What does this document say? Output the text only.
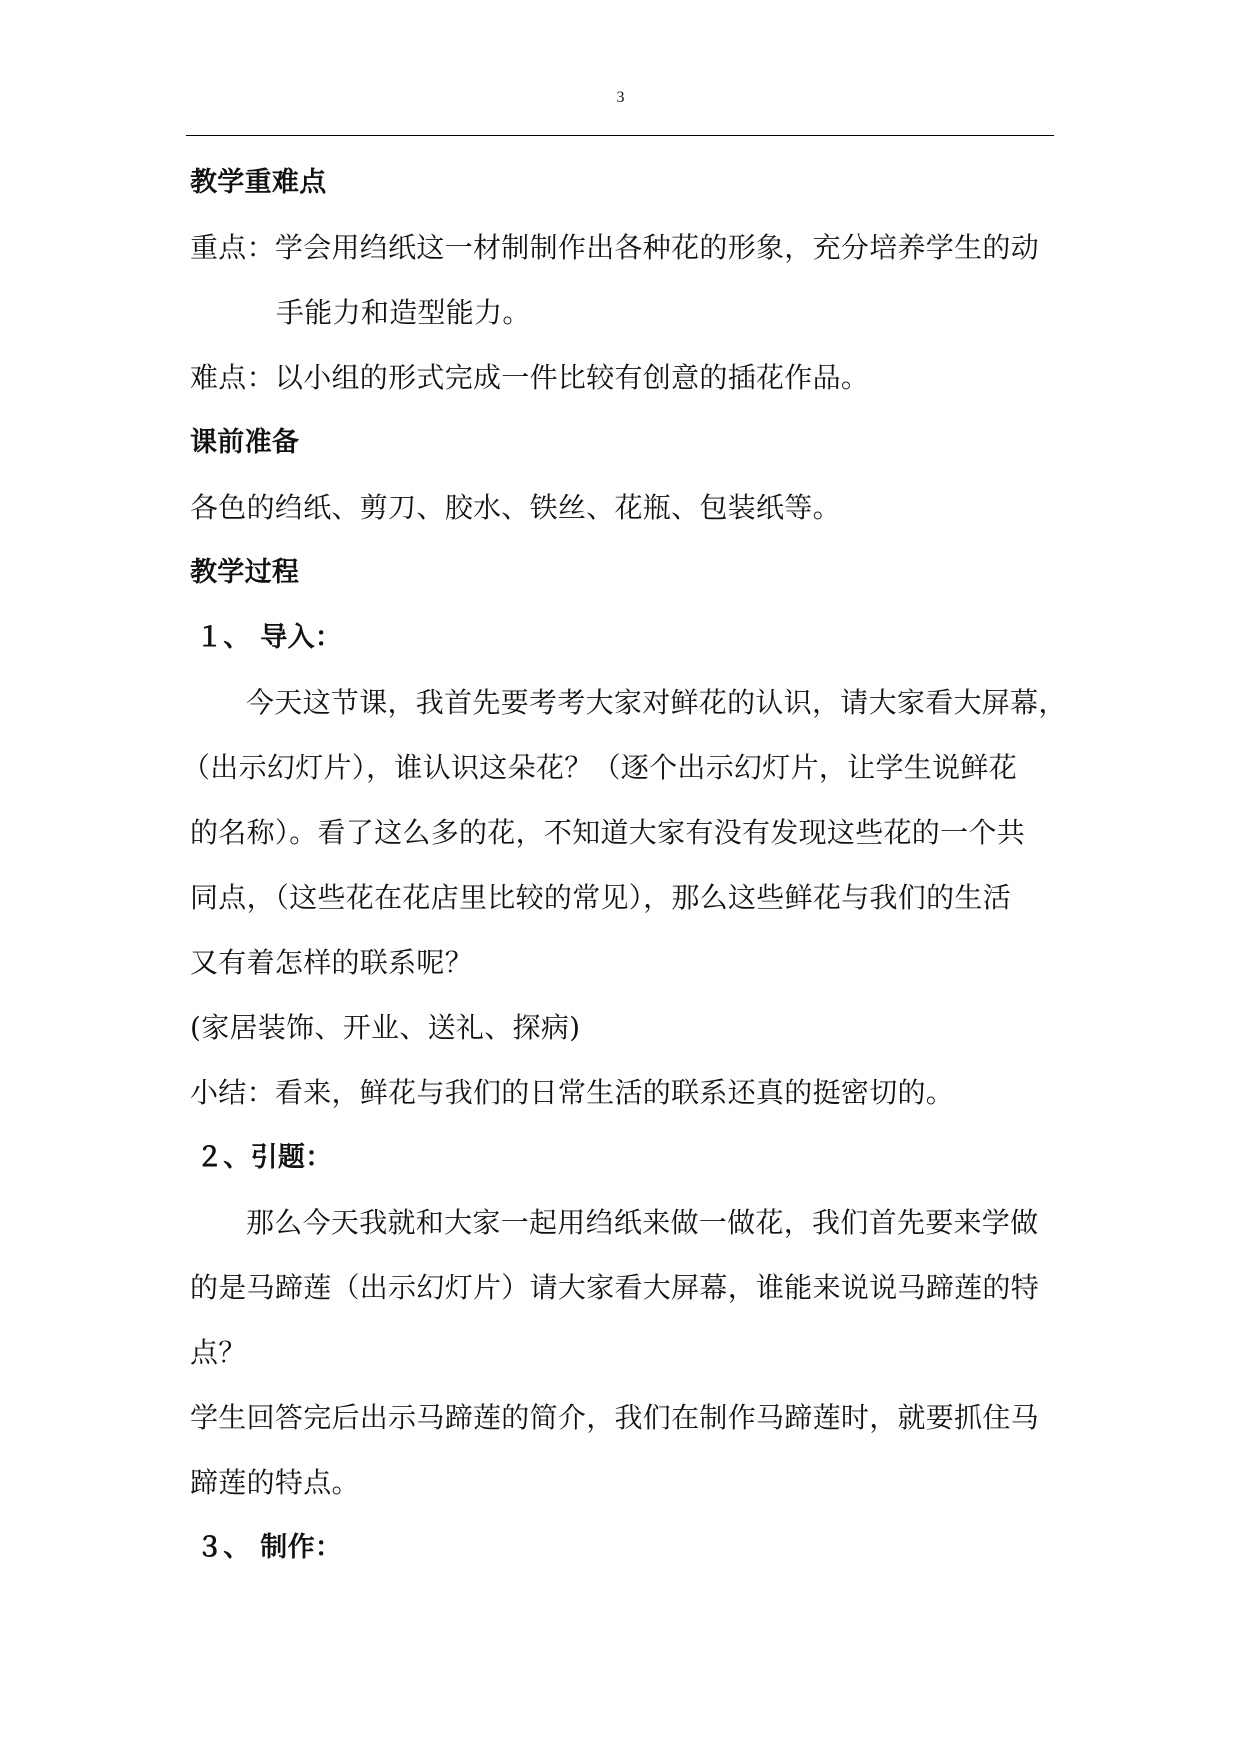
3
教学重难点
重点：学会用绉纸这一材制制作出各种花的形象，充分培养学生的动
手能力和造型能力。
难点：以小组的形式完成一件比较有创意的插花作品。
课前准备
各色的绉纸、剪刀、胶水、铁丝、花瓶、包装纸等。
教学过程
１、 导入：
今天这节课，我首先要考考大家对鲜花的认识，请大家看大屏幕，
（出示幻灯片），谁认识这朵花？（逐个出示幻灯片，让学生说鲜花
的名称）。看了这么多的花，不知道大家有没有发现这些花的一个共
同点，（这些花在花店里比较的常见），那么这些鲜花与我们的生活
又有着怎样的联系呢？
(家居装饰、开业、送礼、探病)
小结：看来，鲜花与我们的日常生活的联系还真的挺密切的。
２、引题：
那么今天我就和大家一起用绉纸来做一做花，我们首先要来学做
的是马蹄莲（出示幻灯片）请大家看大屏幕，谁能来说说马蹄莲的特
点？
学生回答完后出示马蹄莲的简介，我们在制作马蹄莲时，就要抓住马
蹄莲的特点。
３、 制作：
